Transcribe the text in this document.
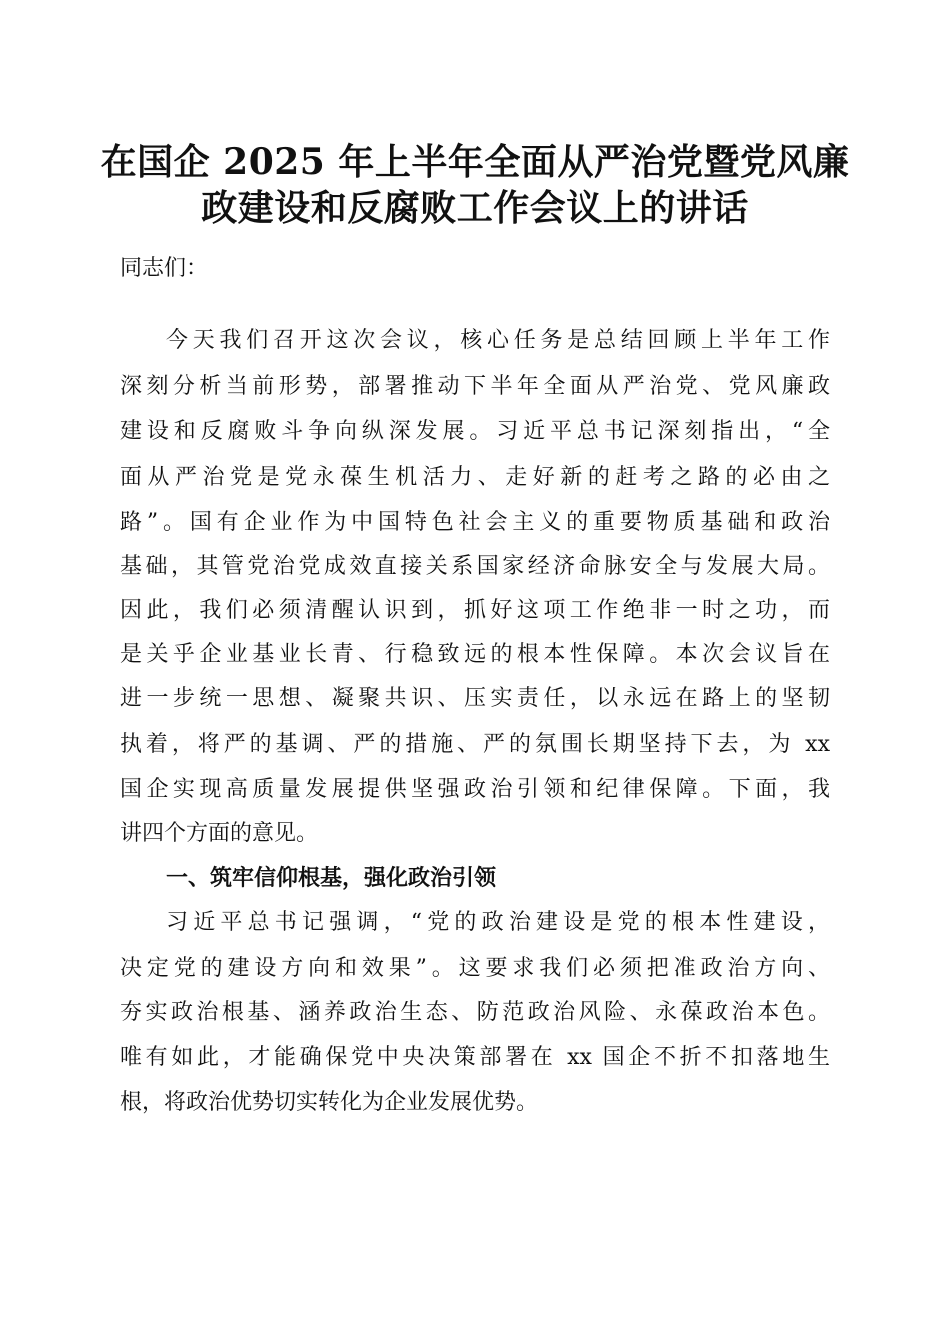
在国企 2025 年上半年全面从严治党暨党风廉
政建设和反腐败工作会议上的讲话
同志们：
今天我们召开这次会议，核心任务是总结回顾上半年工作
深刻分析当前形势，部署推动下半年全面从严治党、党风廉政
建设和反腐败斗争向纵深发展。习近平总书记深刻指出，“全
面从严治党是党永葆生机活力、走好新的赶考之路的必由之
路”。国有企业作为中国特色社会主义的重要物质基础和政治
基础，其管党治党成效直接关系国家经济命脉安全与发展大局。
因此，我们必须清醒认识到，抓好这项工作绝非一时之功，而
是关乎企业基业长青、行稳致远的根本性保障。本次会议旨在
进一步统一思想、凝聚共识、压实责任，以永远在路上的坚韧
执着，将严的基调、严的措施、严的氛围长期坚持下去，为 xx
国企实现高质量发展提供坚强政治引领和纪律保障。下面，我
讲四个方面的意见。
一、筑牢信仰根基，强化政治引领
习近平总书记强调，“党的政治建设是党的根本性建设，
决定党的建设方向和效果”。这要求我们必须把准政治方向、
夯实政治根基、涵养政治生态、防范政治风险、永葆政治本色。
唯有如此，才能确保党中央决策部署在 xx 国企不折不扣落地生
根，将政治优势切实转化为企业发展优势。
